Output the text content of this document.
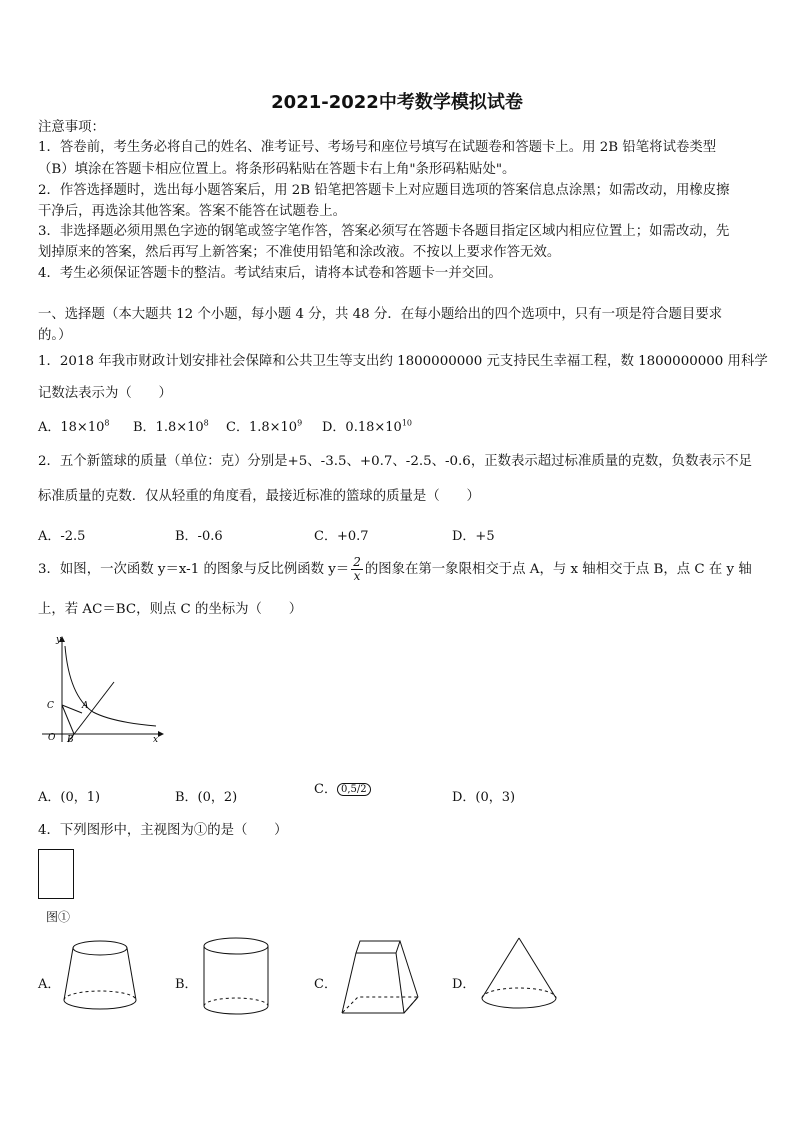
2021-2022中考数学模拟试卷
注意事项：
1．答卷前，考生务必将自己的姓名、准考证号、考场号和座位号填写在试题卷和答题卡上。用 2B 铅笔将试卷类型
（B）填涂在答题卡相应位置上。将条形码粘贴在答题卡右上角"条形码粘贴处"。
2．作答选择题时，选出每小题答案后，用 2B 铅笔把答题卡上对应题目选项的答案信息点涂黑；如需改动，用橡皮擦
干净后，再选涂其他答案。答案不能答在试题卷上。
3．非选择题必须用黑色字迹的钢笔或签字笔作答，答案必须写在答题卡各题目指定区域内相应位置上；如需改动，先
划掉原来的答案，然后再写上新答案；不准使用铅笔和涂改液。不按以上要求作答无效。
4．考生必须保证答题卡的整洁。考试结束后，请将本试卷和答题卡一并交回。
一、选择题（本大题共 12 个小题，每小题 4 分，共 48 分．在每小题给出的四个选项中，只有一项是符合题目要求
的。）
1．2018 年我市财政计划安排社会保障和公共卫生等支出约 1800000000 元支持民生幸福工程，数 1800000000 用科学
记数法表示为（　　）
A．$18\times 10^8$ B．$1.8\times 10^8$ C．$1.8\times 10^9$ D．$0.18\times 10^{10}$
2．五个新篮球的质量（单位：克）分别是+5、-3.5、+0.7、-2.5、-0.6，正数表示超过标准质量的克数，负数表示不足
标准质量的克数．仅从轻重的角度看，最接近标准的篮球的质量是（　　）
A．-2.5	B．-0.6	C．+0.7	D．+5
3．如图，一次函数 y＝x-1 的图象与反比例函数 $y= \frac{2}{x}$ 的图象在第一象限相交于点 A，与 x 轴相交于点 B，点 C 在 y 轴
上，若 AC＝BC，则点 C 的坐标为（　　）
y
x
O B
C	A
A．(0，1)	B．(0，2)
C． 0,5/2
D．(0，3)
4．下列图形中，主视图为①的是（　　）
图①
A．	B．	C．	D．
